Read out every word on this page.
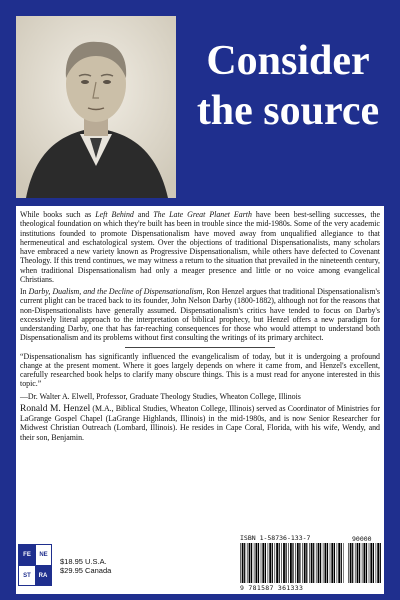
Consider
the source

While books such as Left Behind and The Late Great Planet Earth have been best-selling successes, the theological foundation on which they're built has been in trouble since the mid-1980s. Some of the very academic institutions founded to promote Dispensationalism have moved away from unqualified allegiance to that hermeneutical and eschatological system. Over the objections of traditional Dispensationalists, many scholars have embraced a new variety known as Progressive Dispensationalism, while others have defected to Covenant Theology. If this trend continues, we may witness a return to the situation that prevailed in the nineteenth century, when traditional Dispensationalism had only a meager presence and little or no voice among evangelical Christians.

In Darby, Dualism, and the Decline of Dispensationalism, Ron Henzel argues that traditional Dispensationalism's current plight can be traced back to its founder, John Nelson Darby (1800-1882), although not for the reasons that non-Dispensationalists have generally assumed. Dispensationalism's critics have tended to focus on Darby's excessively literal approach to the interpretation of biblical prophecy, but Henzel offers a new paradigm for understanding Darby, one that has far-reaching consequences for those who would attempt to understand both Dispensationalism and its problems without first consulting the writings of its primary architect.

“Dispensationalism has significantly influenced the evangelicalism of today, but it is undergoing a profound change at the present moment. Where it goes largely depends on where it came from, and Henzel's excellent, carefully researched book helps to clarify many obscure things. This is a must read for anyone interested in this topic.”

—Dr. Walter A. Elwell, Professor, Graduate Theology Studies, Wheaton College, Illinois

Ronald M. Henzel (M.A., Biblical Studies, Wheaton College, Illinois) served as Coordinator of Ministries for LaGrange Gospel Chapel (LaGrange Highlands, Illinois) in the mid-1980s, and is now Senior Researcher for Midwest Christian Outreach (Lombard, Illinois). He resides in Cape Coral, Florida, with his wife, Wendy, and their son, Benjamin.

FE	NE
ST	RA
$18.95 U.S.A.
$29.95 Canada
ISBN 1-58736-133-7	90000
9 781587 361333
